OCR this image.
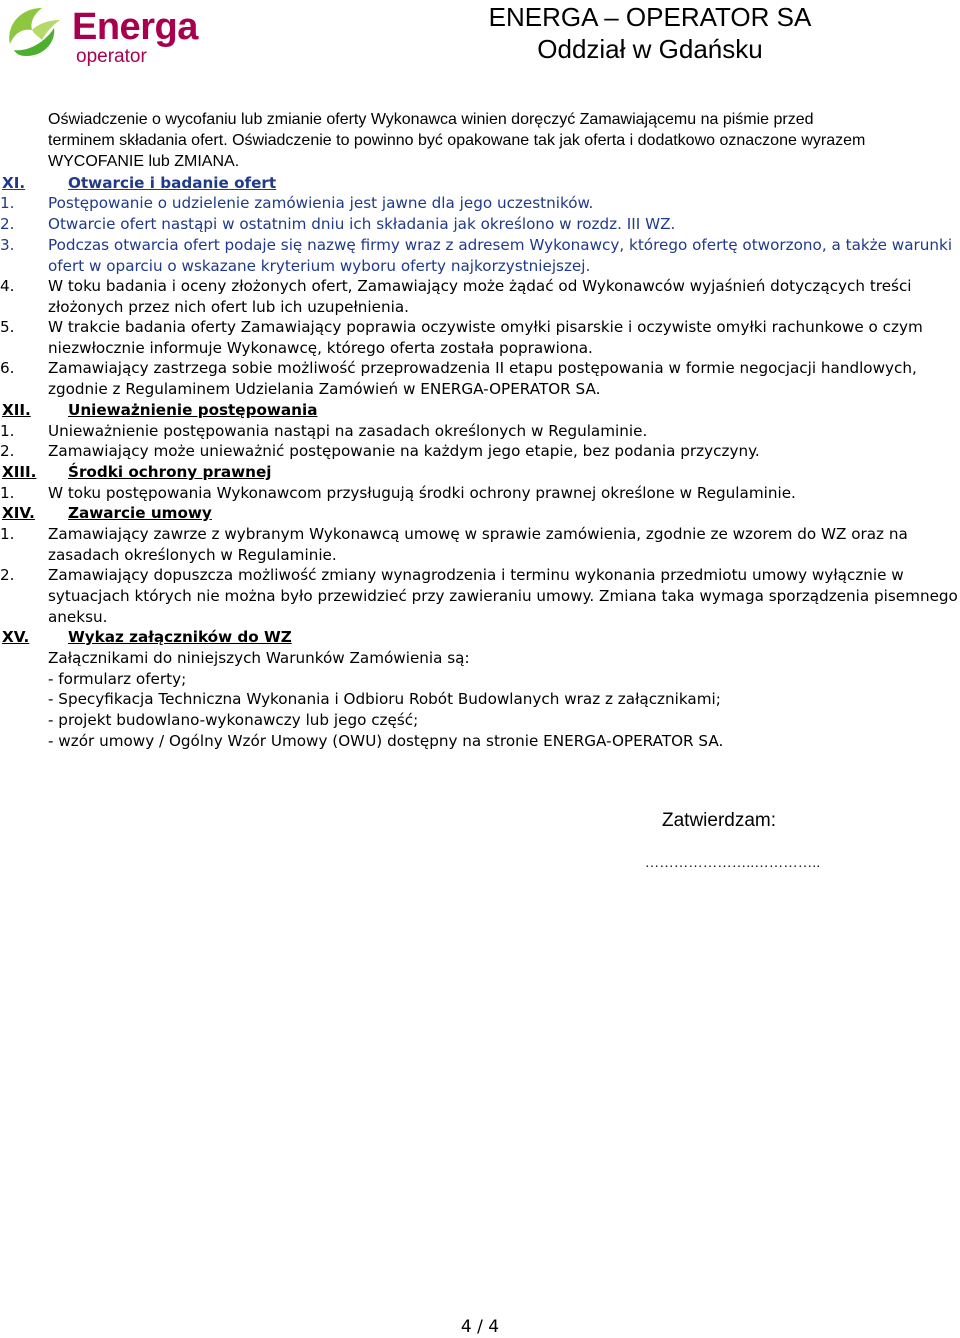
Energa
operator
ENERGA – OPERATOR SA
Oddział w Gdańsku
Oświadczenie o wycofaniu lub zmianie oferty Wykonawca winien doręczyć Zamawiającemu na piśmie przed
terminem składania ofert. Oświadczenie to powinno być opakowane tak jak oferta i dodatkowo oznaczone wyrazem
WYCOFANIE lub ZMIANA.
XI.	Otwarcie i badanie ofert
1. Postępowanie o udzielenie zamówienia jest jawne dla jego uczestników.
2. Otwarcie ofert nastąpi w ostatnim dniu ich składania jak określono w rozdz. III WZ.
3. Podczas otwarcia ofert podaje się nazwę firmy wraz z adresem Wykonawcy, którego ofertę otworzono, a także warunki
ofert w oparciu o wskazane kryterium wyboru oferty najkorzystniejszej.
4. W toku badania i oceny złożonych ofert, Zamawiający może żądać od Wykonawców wyjaśnień dotyczących treści
złożonych przez nich ofert lub ich uzupełnienia.
5. W trakcie badania oferty Zamawiający poprawia oczywiste omyłki pisarskie i oczywiste omyłki rachunkowe o czym
niezwłocznie informuje Wykonawcę, którego oferta została poprawiona.
6. Zamawiający zastrzega sobie możliwość przeprowadzenia II etapu postępowania w formie negocjacji handlowych,
zgodnie z Regulaminem Udzielania Zamówień w ENERGA-OPERATOR SA.
XII. Unieważnienie postępowania
1. Unieważnienie postępowania nastąpi na zasadach określonych w Regulaminie.
2. Zamawiający może unieważnić postępowanie na każdym jego etapie, bez podania przyczyny.
XIII. Środki ochrony prawnej
1. W toku postępowania Wykonawcom przysługują środki ochrony prawnej określone w Regulaminie.
XIV. Zawarcie umowy
1. Zamawiający zawrze z wybranym Wykonawcą umowę w sprawie zamówienia, zgodnie ze wzorem do WZ oraz na
zasadach określonych w Regulaminie.
2. Zamawiający dopuszcza możliwość zmiany wynagrodzenia i terminu wykonania przedmiotu umowy wyłącznie w
sytuacjach których nie można było przewidzieć przy zawieraniu umowy. Zmiana taka wymaga sporządzenia pisemnego
aneksu.
XV.	Wykaz załączników do WZ
Załącznikami do niniejszych Warunków Zamówienia są:
- formularz oferty;
- Specyfikacja Techniczna Wykonania i Odbioru Robót Budowlanych wraz z załącznikami;
- projekt budowlano-wykonawczy lub jego część;
- wzór umowy / Ogólny Wzór Umowy (OWU) dostępny na stronie ENERGA-OPERATOR SA.
Zatwierdzam:
…………………..…………..
4 / 4
